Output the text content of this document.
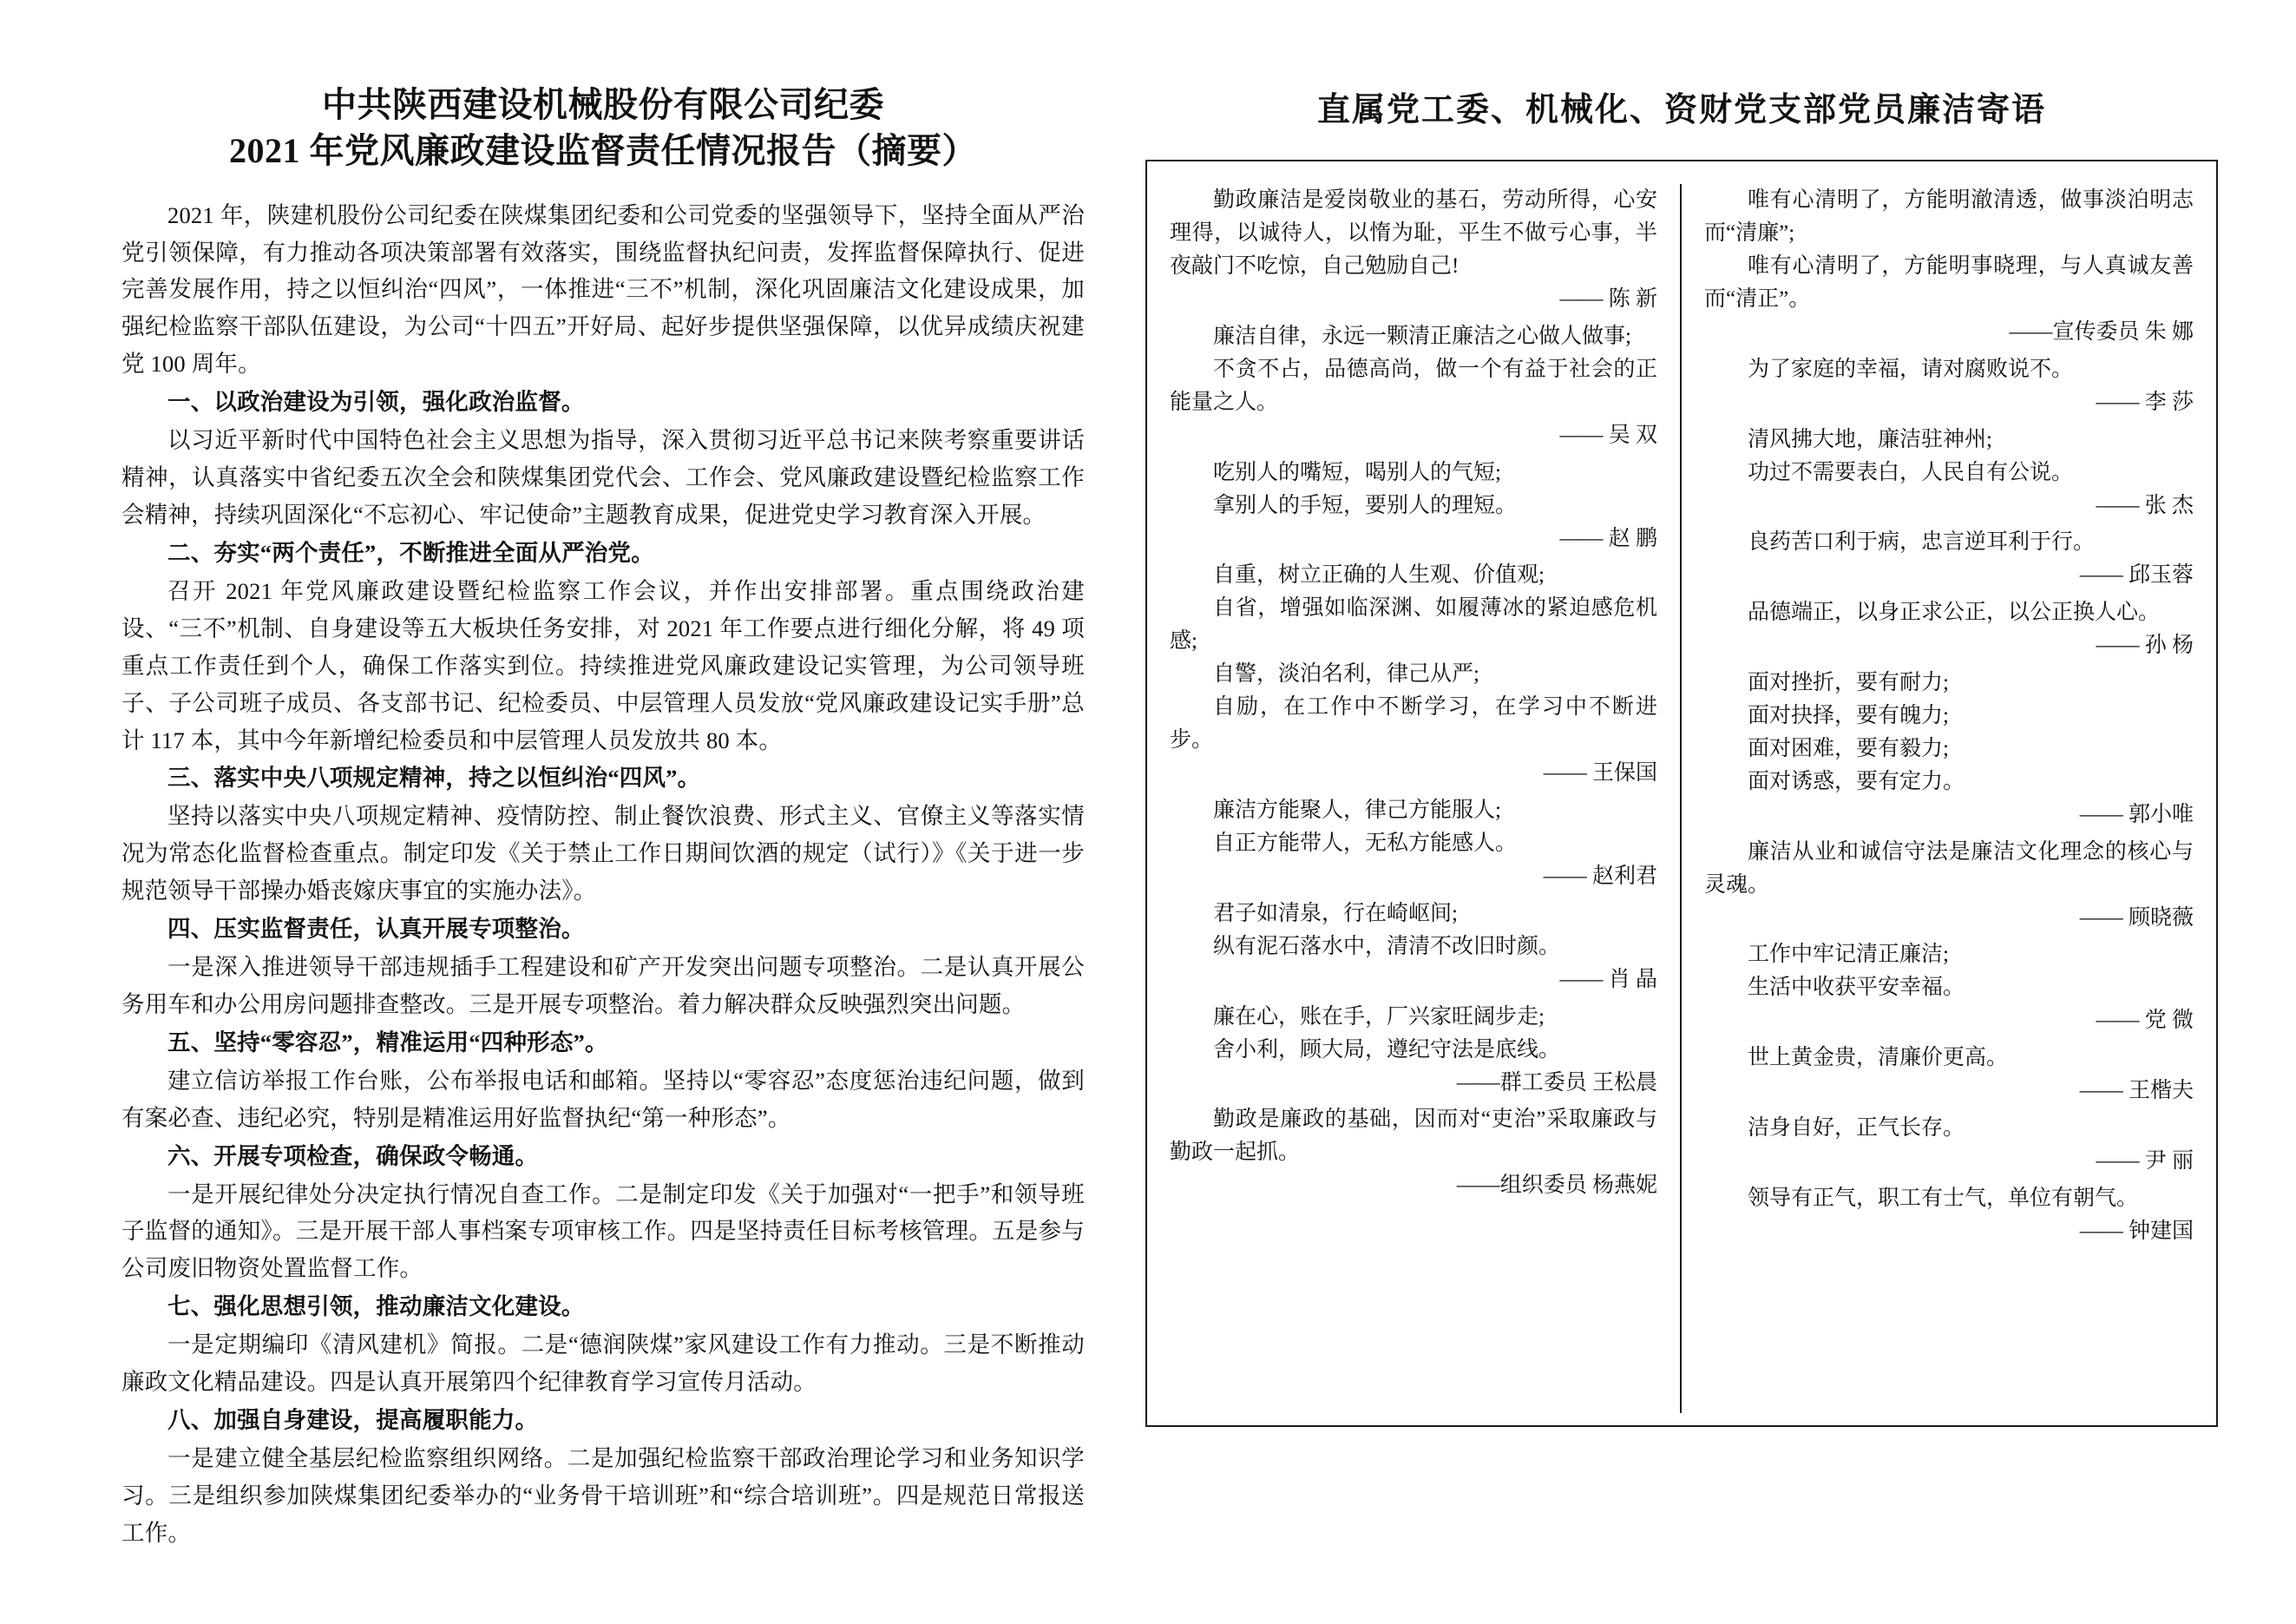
中共陕西建设机械股份有限公司纪委
2021 年党风廉政建设监督责任情况报告（摘要）

2021 年，陕建机股份公司纪委在陕煤集团纪委和公司党委的坚强领导下，坚持全面从严治党引领保障，有力推动各项决策部署有效落实，围绕监督执纪问责，发挥监督保障执行、促进完善发展作用，持之以恒纠治“四风”，一体推进“三不”机制，深化巩固廉洁文化建设成果，加强纪检监察干部队伍建设，为公司“十四五”开好局、起好步提供坚强保障，以优异成绩庆祝建党 100 周年。

一、以政治建设为引领，强化政治监督。

以习近平新时代中国特色社会主义思想为指导，深入贯彻习近平总书记来陕考察重要讲话精神，认真落实中省纪委五次全会和陕煤集团党代会、工作会、党风廉政建设暨纪检监察工作会精神，持续巩固深化“不忘初心、牢记使命”主题教育成果，促进党史学习教育深入开展。

二、夯实“两个责任”，不断推进全面从严治党。

召开 2021 年党风廉政建设暨纪检监察工作会议，并作出安排部署。重点围绕政治建设、“三不”机制、自身建设等五大板块任务安排，对 2021 年工作要点进行细化分解，将 49 项重点工作责任到个人，确保工作落实到位。持续推进党风廉政建设记实管理，为公司领导班子、子公司班子成员、各支部书记、纪检委员、中层管理人员发放“党风廉政建设记实手册”总计 117 本，其中今年新增纪检委员和中层管理人员发放共 80 本。

三、落实中央八项规定精神，持之以恒纠治“四风”。

坚持以落实中央八项规定精神、疫情防控、制止餐饮浪费、形式主义、官僚主义等落实情况为常态化监督检查重点。制定印发《关于禁止工作日期间饮酒的规定（试行）》《关于进一步规范领导干部操办婚丧嫁庆事宜的实施办法》。

四、压实监督责任，认真开展专项整治。

一是深入推进领导干部违规插手工程建设和矿产开发突出问题专项整治。二是认真开展公务用车和办公用房问题排查整改。三是开展专项整治。着力解决群众反映强烈突出问题。

五、坚持“零容忍”，精准运用“四种形态”。

建立信访举报工作台账，公布举报电话和邮箱。坚持以“零容忍”态度惩治违纪问题，做到有案必查、违纪必究，特别是精准运用好监督执纪“第一种形态”。

六、开展专项检查，确保政令畅通。

一是开展纪律处分决定执行情况自查工作。二是制定印发《关于加强对“一把手”和领导班子监督的通知》。三是开展干部人事档案专项审核工作。四是坚持责任目标考核管理。五是参与公司废旧物资处置监督工作。

七、强化思想引领，推动廉洁文化建设。

一是定期编印《清风建机》简报。二是“德润陕煤”家风建设工作有力推动。三是不断推动廉政文化精品建设。四是认真开展第四个纪律教育学习宣传月活动。

八、加强自身建设，提高履职能力。

一是建立健全基层纪检监察组织网络。二是加强纪检监察干部政治理论学习和业务知识学习。三是组织参加陕煤集团纪委举办的“业务骨干培训班”和“综合培训班”。四是规范日常报送工作。

直属党工委、机械化、资财党支部党员廉洁寄语

勤政廉洁是爱岗敬业的基石，劳动所得，心安理得，以诚待人，以惰为耻，平生不做亏心事，半夜敲门不吃惊，自己勉励自己!

—— 陈 新

廉洁自律，永远一颗清正廉洁之心做人做事;

不贪不占，品德高尚，做一个有益于社会的正能量之人。

—— 吴 双

吃别人的嘴短，喝别人的气短;

拿别人的手短，要别人的理短。

—— 赵 鹏

自重，树立正确的人生观、价值观;

自省，增强如临深渊、如履薄冰的紧迫感危机感;

自警，淡泊名利，律己从严;

自励，在工作中不断学习，在学习中不断进步。

—— 王保国

廉洁方能聚人，律己方能服人;

自正方能带人，无私方能感人。

—— 赵利君

君子如清泉，行在崎岖间;

纵有泥石落水中，清清不改旧时颜。

—— 肖 晶

廉在心，账在手，厂兴家旺阔步走;

舍小利，顾大局，遵纪守法是底线。

——群工委员 王松晨

勤政是廉政的基础，因而对“吏治”采取廉政与勤政一起抓。

——组织委员 杨燕妮

唯有心清明了，方能明澈清透，做事淡泊明志而“清廉”;

唯有心清明了，方能明事晓理，与人真诚友善而“清正”。

——宣传委员 朱 娜

为了家庭的幸福，请对腐败说不。

—— 李 莎

清风拂大地，廉洁驻神州;

功过不需要表白，人民自有公说。

—— 张 杰

良药苦口利于病，忠言逆耳利于行。

—— 邱玉蓉

品德端正，以身正求公正，以公正换人心。

—— 孙 杨

面对挫折，要有耐力;

面对抉择，要有魄力;

面对困难，要有毅力;

面对诱惑，要有定力。

—— 郭小唯

廉洁从业和诚信守法是廉洁文化理念的核心与灵魂。

—— 顾晓薇

工作中牢记清正廉洁;

生活中收获平安幸福。

—— 党 微

世上黄金贵，清廉价更高。

—— 王楷夫

洁身自好，正气长存。

—— 尹 丽

领导有正气，职工有士气，单位有朝气。

—— 钟建国
